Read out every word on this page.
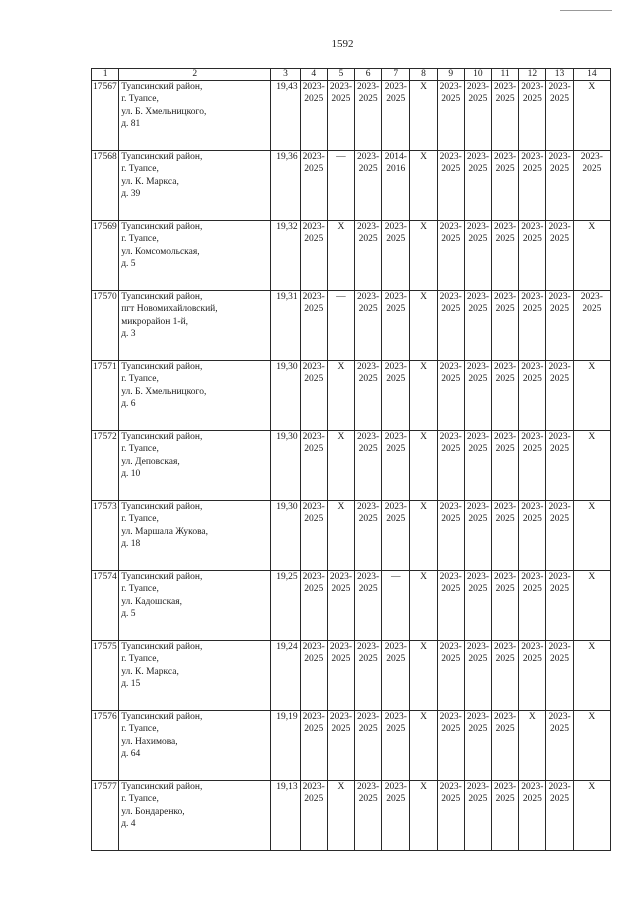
1592
1	2	3	4	5	6	7	8	9	10	11	12	13	14
17567	Туапсинский район,
г. Туапсе,
ул. Б. Хмельницкого,
д. 81	19,43	2023-2025	2023-2025	2023-2025	2023-2025	Х	2023-2025	2023-2025	2023-2025	2023-2025	2023-2025	Х
17568	Туапсинский район,
г. Туапсе,
ул. К. Маркса,
д. 39	19,36	2023-2025	—	2023-2025	2014-2016	Х	2023-2025	2023-2025	2023-2025	2023-2025	2023-2025	2023-2025
17569	Туапсинский район,
г. Туапсе,
ул. Комсомольская,
д. 5	19,32	2023-2025	Х	2023-2025	2023-2025	Х	2023-2025	2023-2025	2023-2025	2023-2025	2023-2025	Х
17570	Туапсинский район,
пгт Новомихайловский,
микрорайон 1-й,
д. 3	19,31	2023-2025	—	2023-2025	2023-2025	Х	2023-2025	2023-2025	2023-2025	2023-2025	2023-2025	2023-2025
17571	Туапсинский район,
г. Туапсе,
ул. Б. Хмельницкого,
д. 6	19,30	2023-2025	Х	2023-2025	2023-2025	Х	2023-2025	2023-2025	2023-2025	2023-2025	2023-2025	Х
17572	Туапсинский район,
г. Туапсе,
ул. Деповская,
д. 10	19,30	2023-2025	Х	2023-2025	2023-2025	Х	2023-2025	2023-2025	2023-2025	2023-2025	2023-2025	Х
17573	Туапсинский район,
г. Туапсе,
ул. Маршала Жукова,
д. 18	19,30	2023-2025	Х	2023-2025	2023-2025	Х	2023-2025	2023-2025	2023-2025	2023-2025	2023-2025	Х
17574	Туапсинский район,
г. Туапсе,
ул. Кадошская,
д. 5	19,25	2023-2025	2023-2025	2023-2025	—	Х	2023-2025	2023-2025	2023-2025	2023-2025	2023-2025	Х
17575	Туапсинский район,
г. Туапсе,
ул. К. Маркса,
д. 15	19,24	2023-2025	2023-2025	2023-2025	2023-2025	Х	2023-2025	2023-2025	2023-2025	2023-2025	2023-2025	Х
17576	Туапсинский район,
г. Туапсе,
ул. Нахимова,
д. 64	19,19	2023-2025	2023-2025	2023-2025	2023-2025	Х	2023-2025	2023-2025	2023-2025	Х	2023-2025	Х
17577	Туапсинский район,
г. Туапсе,
ул. Бондаренко,
д. 4	19,13	2023-2025	Х	2023-2025	2023-2025	Х	2023-2025	2023-2025	2023-2025	2023-2025	2023-2025	Х
